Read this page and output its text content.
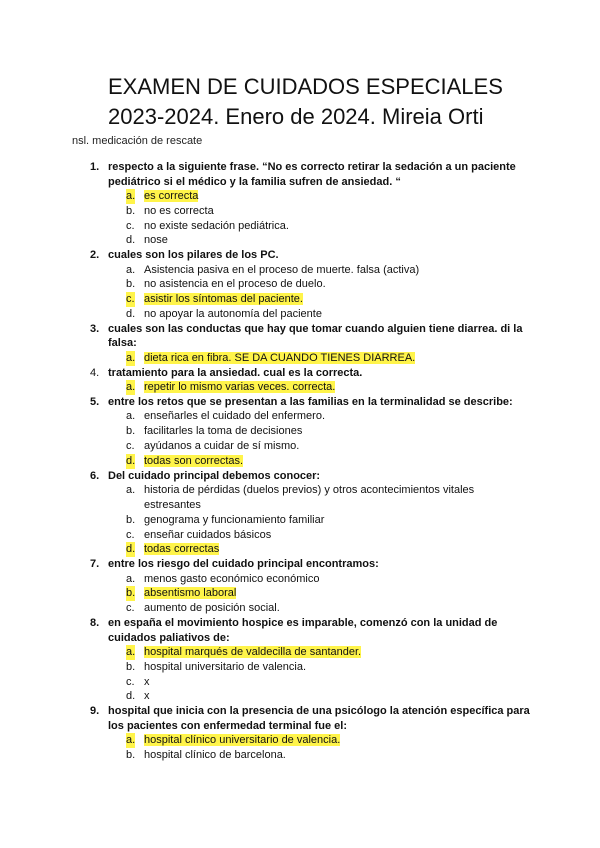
EXAMEN DE CUIDADOS ESPECIALES
2023-2024. Enero de 2024. Mireia Orti
nsl. medicación de rescate
1. respecto a la siguiente frase. “No es correcto retirar la sedación a un paciente pediátrico si el médico y la familia sufren de ansiedad. “
a. es correcta
b. no es correcta
c. no existe sedación pediátrica.
d. nose
2. cuales son los pilares de los PC.
a. Asistencia pasiva en el proceso de muerte. falsa (activa)
b. no asistencia en el proceso de duelo.
c. asistir los síntomas del paciente.
d. no apoyar la autonomía del paciente
3. cuales son las conductas que hay que tomar cuando alguien tiene diarrea. di la falsa:
a. dieta rica en fibra. SE DA CUANDO TIENES DIARREA.
4. tratamiento para la ansiedad. cual es la correcta.
a. repetir lo mismo varias veces. correcta.
5. entre los retos que se presentan a las familias en la terminalidad se describe:
a. enseñarles el cuidado del enfermero.
b. facilitarles la toma de decisiones
c. ayúdanos a cuidar de sí mismo.
d. todas son correctas.
6. Del cuidado principal debemos conocer:
a. historia de pérdidas (duelos previos) y otros acontecimientos vitales estresantes
b. genograma y funcionamiento familiar
c. enseñar cuidados básicos
d. todas correctas
7. entre los riesgo del cuidado principal encontramos:
a. menos gasto económico económico
b. absentismo laboral
c. aumento de posición social.
8. en españa el movimiento hospice es imparable, comenzó con la unidad de cuidados paliativos de:
a. hospital marqués de valdecilla de santander.
b. hospital universitario de valencia.
c. x
d. x
9. hospital que inicia con la presencia de una psicólogo la atención específica para los pacientes con enfermedad terminal fue el:
a. hospital clínico universitario de valencia.
b. hospital clínico de barcelona.
